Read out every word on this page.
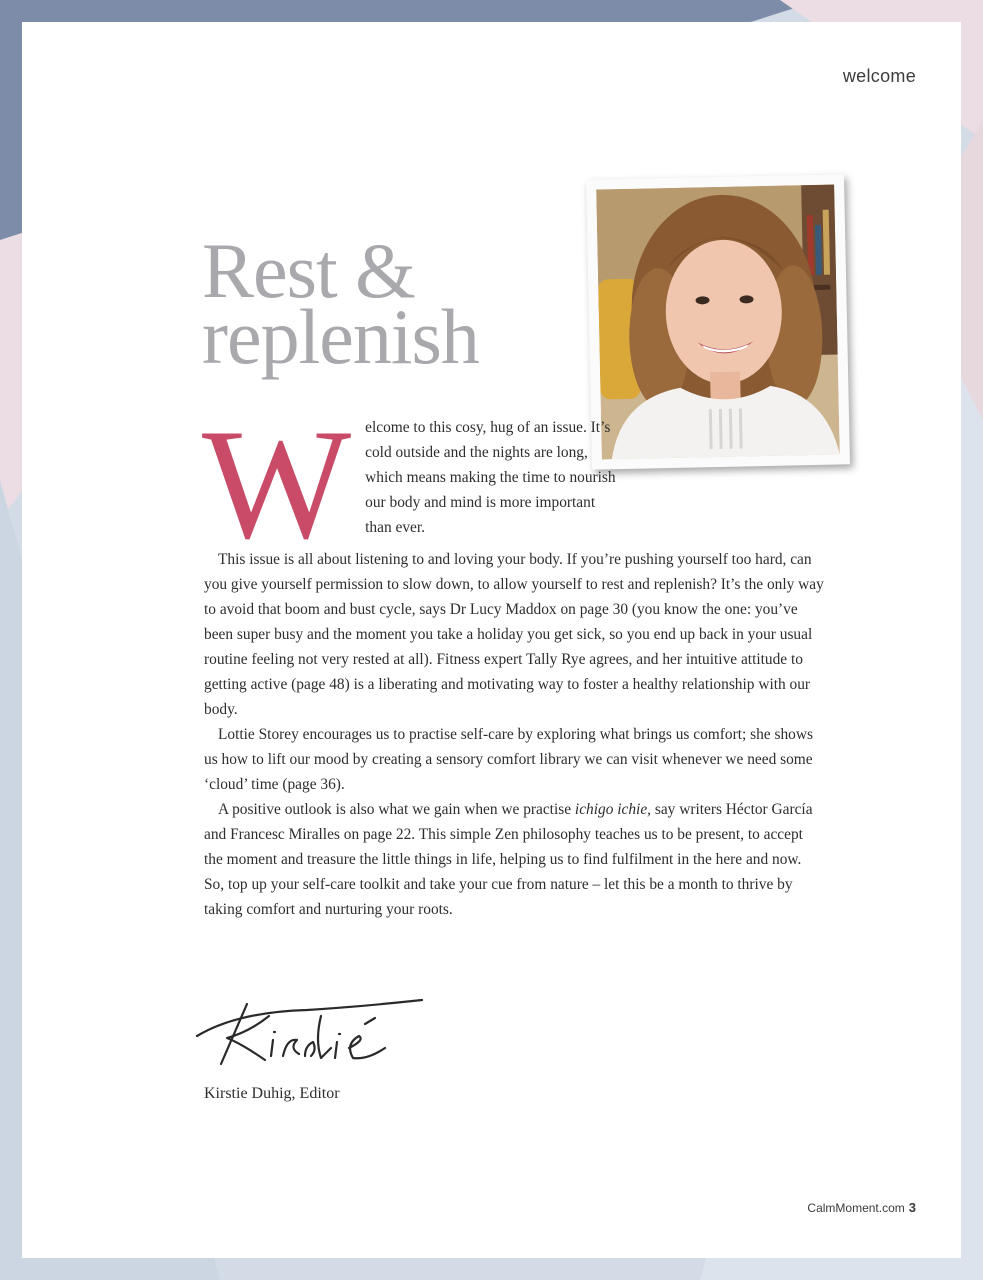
welcome
Rest &
replenish
W elcome to this cosy, hug of an issue. It’s cold outside and the nights are long, which means making the time to nourish our body and mind is more important than ever.

This issue is all about listening to and loving your body. If you’re pushing yourself too hard, can you give yourself permission to slow down, to allow yourself to rest and replenish? It’s the only way to avoid that boom and bust cycle, says Dr Lucy Maddox on page 30 (you know the one: you’ve been super busy and the moment you take a holiday you get sick, so you end up back in your usual routine feeling not very rested at all). Fitness expert Tally Rye agrees, and her intuitive attitude to getting active (page 48) is a liberating and motivating way to foster a healthy relationship with our body.

Lottie Storey encourages us to practise self-care by exploring what brings us comfort; she shows us how to lift our mood by creating a sensory comfort library we can visit whenever we need some ‘cloud’ time (page 36).

A positive outlook is also what we gain when we practise ichigo ichie, say writers Héctor García and Francesc Miralles on page 22. This simple Zen philosophy teaches us to be present, to accept the moment and treasure the little things in life, helping us to find fulfilment in the here and now. So, top up your self-care toolkit and take your cue from nature – let this be a month to thrive by taking comfort and nurturing your roots.

Kirstie Duhig, Editor
CalmMoment.com 3
